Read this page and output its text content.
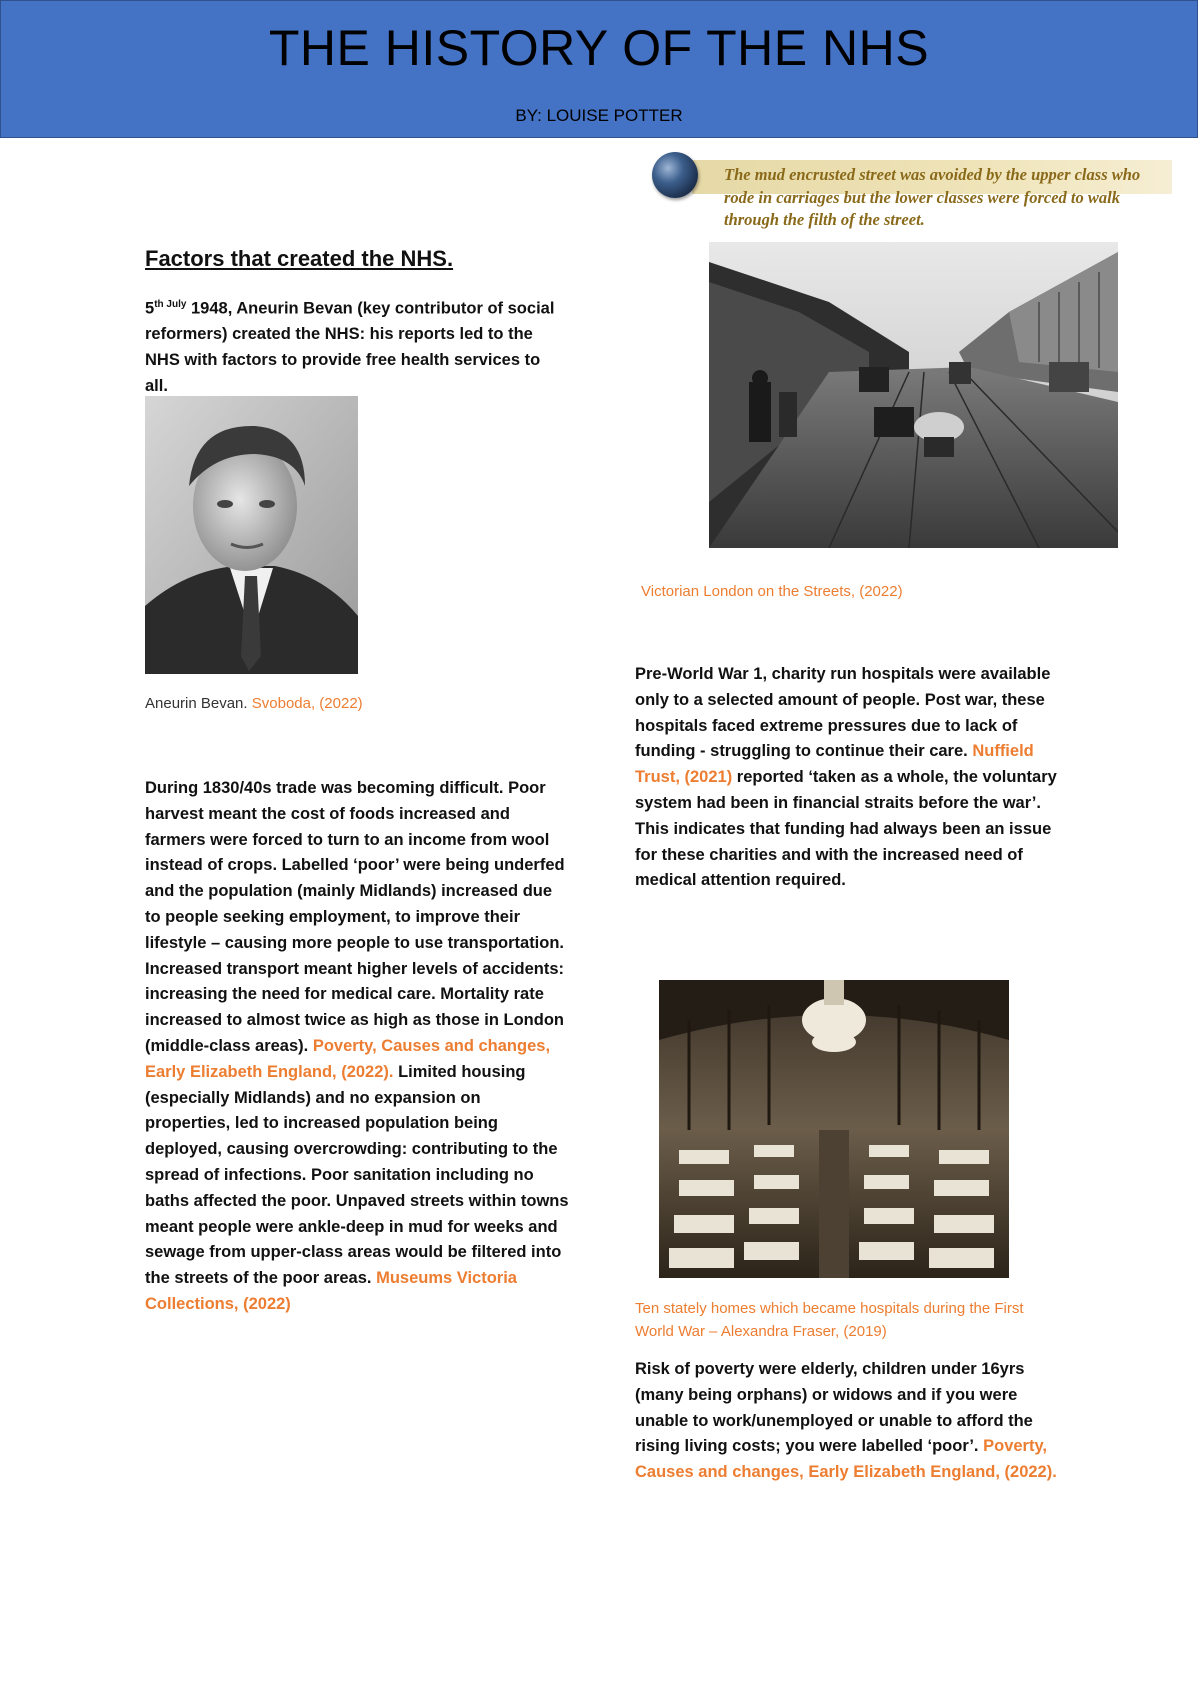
THE HISTORY OF THE NHS
BY: LOUISE POTTER
The mud encrusted street was avoided by the upper class who rode in carriages but the lower classes were forced to walk through the filth of the street.
Victorian London on the Streets, (2022)
Factors that created the NHS.
$5^{th July}$ 1948, Aneurin Bevan (key contributor of social reformers) created the NHS: his reports led to the NHS with factors to provide free health services to all.
Aneurin Bevan. Svoboda, (2022)
During 1830/40s trade was becoming difficult. Poor harvest meant the cost of foods increased and farmers were forced to turn to an income from wool instead of crops. Labelled ‘poor’ were being underfed and the population (mainly Midlands) increased due to people seeking employment, to improve their lifestyle – causing more people to use transportation. Increased transport meant higher levels of accidents: increasing the need for medical care. Mortality rate increased to almost twice as high as those in London (middle-class areas). Poverty, Causes and changes, Early Elizabeth England, (2022). Limited housing (especially Midlands) and no expansion on properties, led to increased population being deployed, causing overcrowding: contributing to the spread of infections. Poor sanitation including no baths affected the poor. Unpaved streets within towns meant people were ankle-deep in mud for weeks and sewage from upper-class areas would be filtered into the streets of the poor areas. Museums Victoria Collections, (2022)
Pre-World War 1, charity run hospitals were available only to a selected amount of people. Post war, these hospitals faced extreme pressures due to lack of funding - struggling to continue their care. Nuffield Trust, (2021) reported ‘taken as a whole, the voluntary system had been in financial straits before the war’. This indicates that funding had always been an issue for these charities and with the increased need of medical attention required.
Ten stately homes which became hospitals during the First World War – Alexandra Fraser, (2019)
Risk of poverty were elderly, children under 16yrs (many being orphans) or widows and if you were unable to work/unemployed or unable to afford the rising living costs; you were labelled ‘poor’. Poverty, Causes and changes, Early Elizabeth England, (2022).
